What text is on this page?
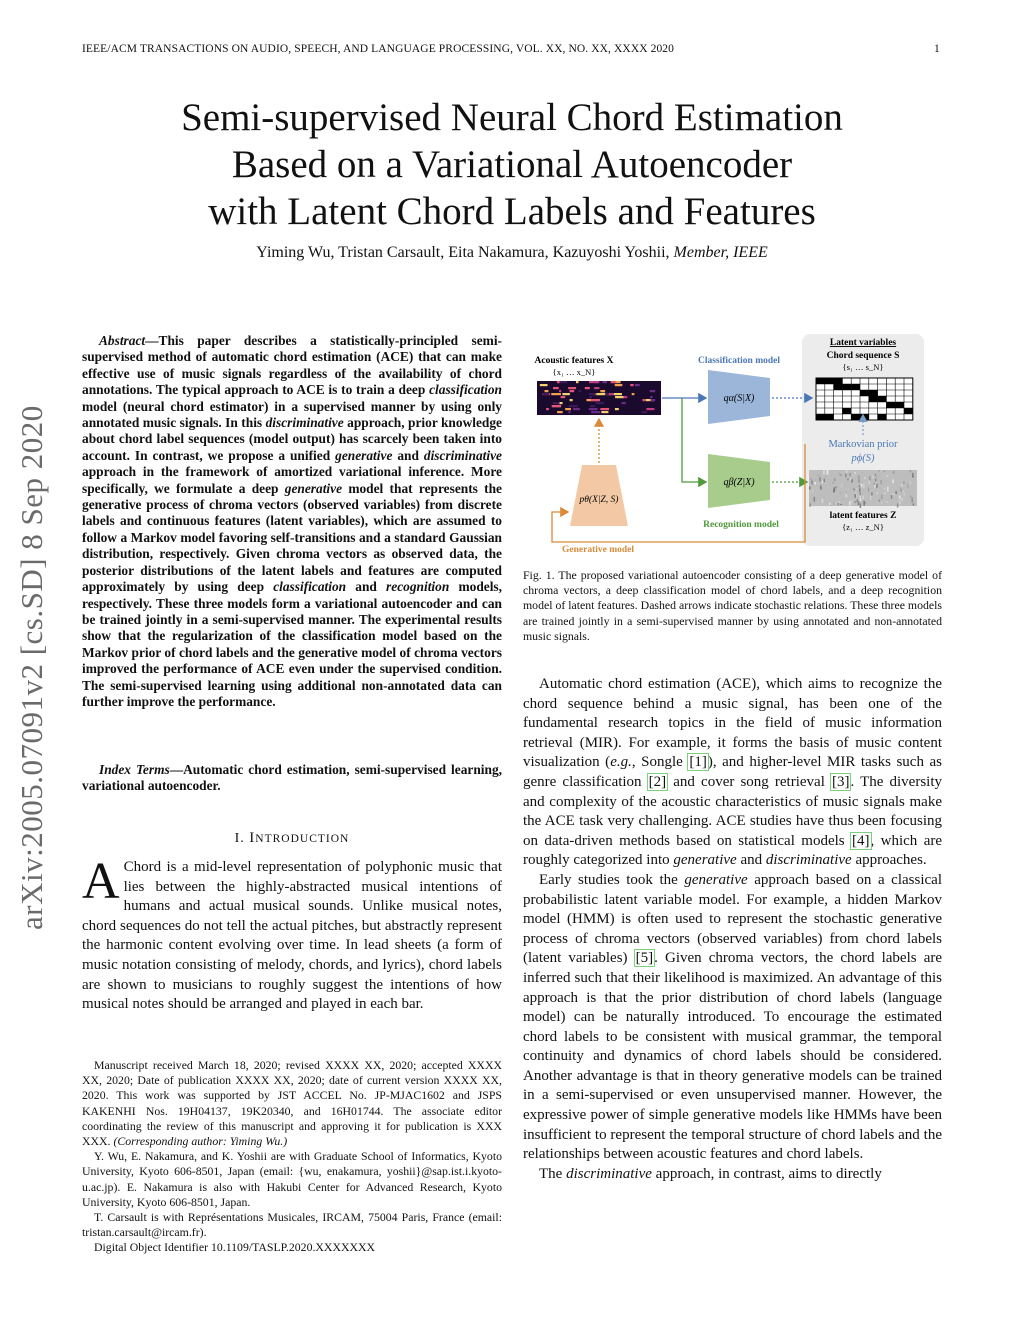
IEEE/ACM TRANSACTIONS ON AUDIO, SPEECH, AND LANGUAGE PROCESSING, VOL. XX, NO. XX, XXXX 2020	1
Semi-supervised Neural Chord Estimation
Based on a Variational Autoencoder
with Latent Chord Labels and Features
Yiming Wu, Tristan Carsault, Eita Nakamura, Kazuyoshi Yoshii, Member, IEEE
arXiv:2005.07091v2 [cs.SD] 8 Sep 2020
Abstract—This paper describes a statistically-principled semi-supervised method of automatic chord estimation (ACE) that can make effective use of music signals regardless of the availability of chord annotations. The typical approach to ACE is to train a deep classification model (neural chord estimator) in a supervised manner by using only annotated music signals. In this discriminative approach, prior knowledge about chord label sequences (model output) has scarcely been taken into account. In contrast, we propose a unified generative and discriminative approach in the framework of amortized variational inference. More specifically, we formulate a deep generative model that represents the generative process of chroma vectors (observed variables) from discrete labels and continuous features (latent variables), which are assumed to follow a Markov model favoring self-transitions and a standard Gaussian distribution, respectively. Given chroma vectors as observed data, the posterior distributions of the latent labels and features are computed approximately by using deep classification and recognition models, respectively. These three models form a variational autoencoder and can be trained jointly in a semi-supervised manner. The experimental results show that the regularization of the classification model based on the Markov prior of chord labels and the generative model of chroma vectors improved the performance of ACE even under the supervised condition. The semi-supervised learning using additional non-annotated data can further improve the performance.
Index Terms—Automatic chord estimation, semi-supervised learning, variational autoencoder.
I. INTRODUCTION
A Chord is a mid-level representation of polyphonic music that lies between the highly-abstracted musical intentions of humans and actual musical sounds. Unlike musical notes, chord sequences do not tell the actual pitches, but abstractly represent the harmonic content evolving over time. In lead sheets (a form of music notation consisting of melody, chords, and lyrics), chord labels are shown to musicians to roughly suggest the intentions of how musical notes should be arranged and played in each bar.

Manuscript received March 18, 2020; revised XXXX XX, 2020; accepted XXXX XX, 2020; Date of publication XXXX XX, 2020; date of current version XXXX XX, 2020. This work was supported by JST ACCEL No. JP-MJAC1602 and JSPS KAKENHI Nos. 19H04137, 19K20340, and 16H01744. The associate editor coordinating the review of this manuscript and approving it for publication is XXX XXX. (Corresponding author: Yiming Wu.)

Y. Wu, E. Nakamura, and K. Yoshii are with Graduate School of Informatics, Kyoto University, Kyoto 606-8501, Japan (email: {wu, enakamura, yoshii}@sap.ist.i.kyoto-u.ac.jp). E. Nakamura is also with Hakubi Center for Advanced Research, Kyoto University, Kyoto 606-8501, Japan.

T. Carsault is with Représentations Musicales, IRCAM, 75004 Paris, France (email: tristan.carsault@ircam.fr).

Digital Object Identifier 10.1109/TASLP.2020.XXXXXXX

Latent variables
Chord sequence S
{s₁ … s_N}
Markovian prior
pϕ(S)
latent features Z
{z₁ … z_N}
Acoustic features X
{x₁ … x_N}
Classification model
qα(S|X)
qβ(Z|X)
Recognition model
pθ(X|Z, S)
Generative model
Fig. 1. The proposed variational autoencoder consisting of a deep generative model of chroma vectors, a deep classification model of chord labels, and a deep recognition model of latent features. Dashed arrows indicate stochastic relations. These three models are trained jointly in a semi-supervised manner by using annotated and non-annotated music signals.

Automatic chord estimation (ACE), which aims to recognize the chord sequence behind a music signal, has been one of the fundamental research topics in the field of music information retrieval (MIR). For example, it forms the basis of music content visualization (e.g., Songle [1]), and higher-level MIR tasks such as genre classification [2] and cover song retrieval [3]. The diversity and complexity of the acoustic characteristics of music signals make the ACE task very challenging. ACE studies have thus been focusing on data-driven methods based on statistical models [4], which are roughly categorized into generative and discriminative approaches.

Early studies took the generative approach based on a classical probabilistic latent variable model. For example, a hidden Markov model (HMM) is often used to represent the stochastic generative process of chroma vectors (observed variables) from chord labels (latent variables) [5]. Given chroma vectors, the chord labels are inferred such that their likelihood is maximized. An advantage of this approach is that the prior distribution of chord labels (language model) can be naturally introduced. To encourage the estimated chord labels to be consistent with musical grammar, the temporal continuity and dynamics of chord labels should be considered. Another advantage is that in theory generative models can be trained in a semi-supervised or even unsupervised manner. However, the expressive power of simple generative models like HMMs have been insufficient to represent the temporal structure of chord labels and the relationships between acoustic features and chord labels.

The discriminative approach, in contrast, aims to directly
